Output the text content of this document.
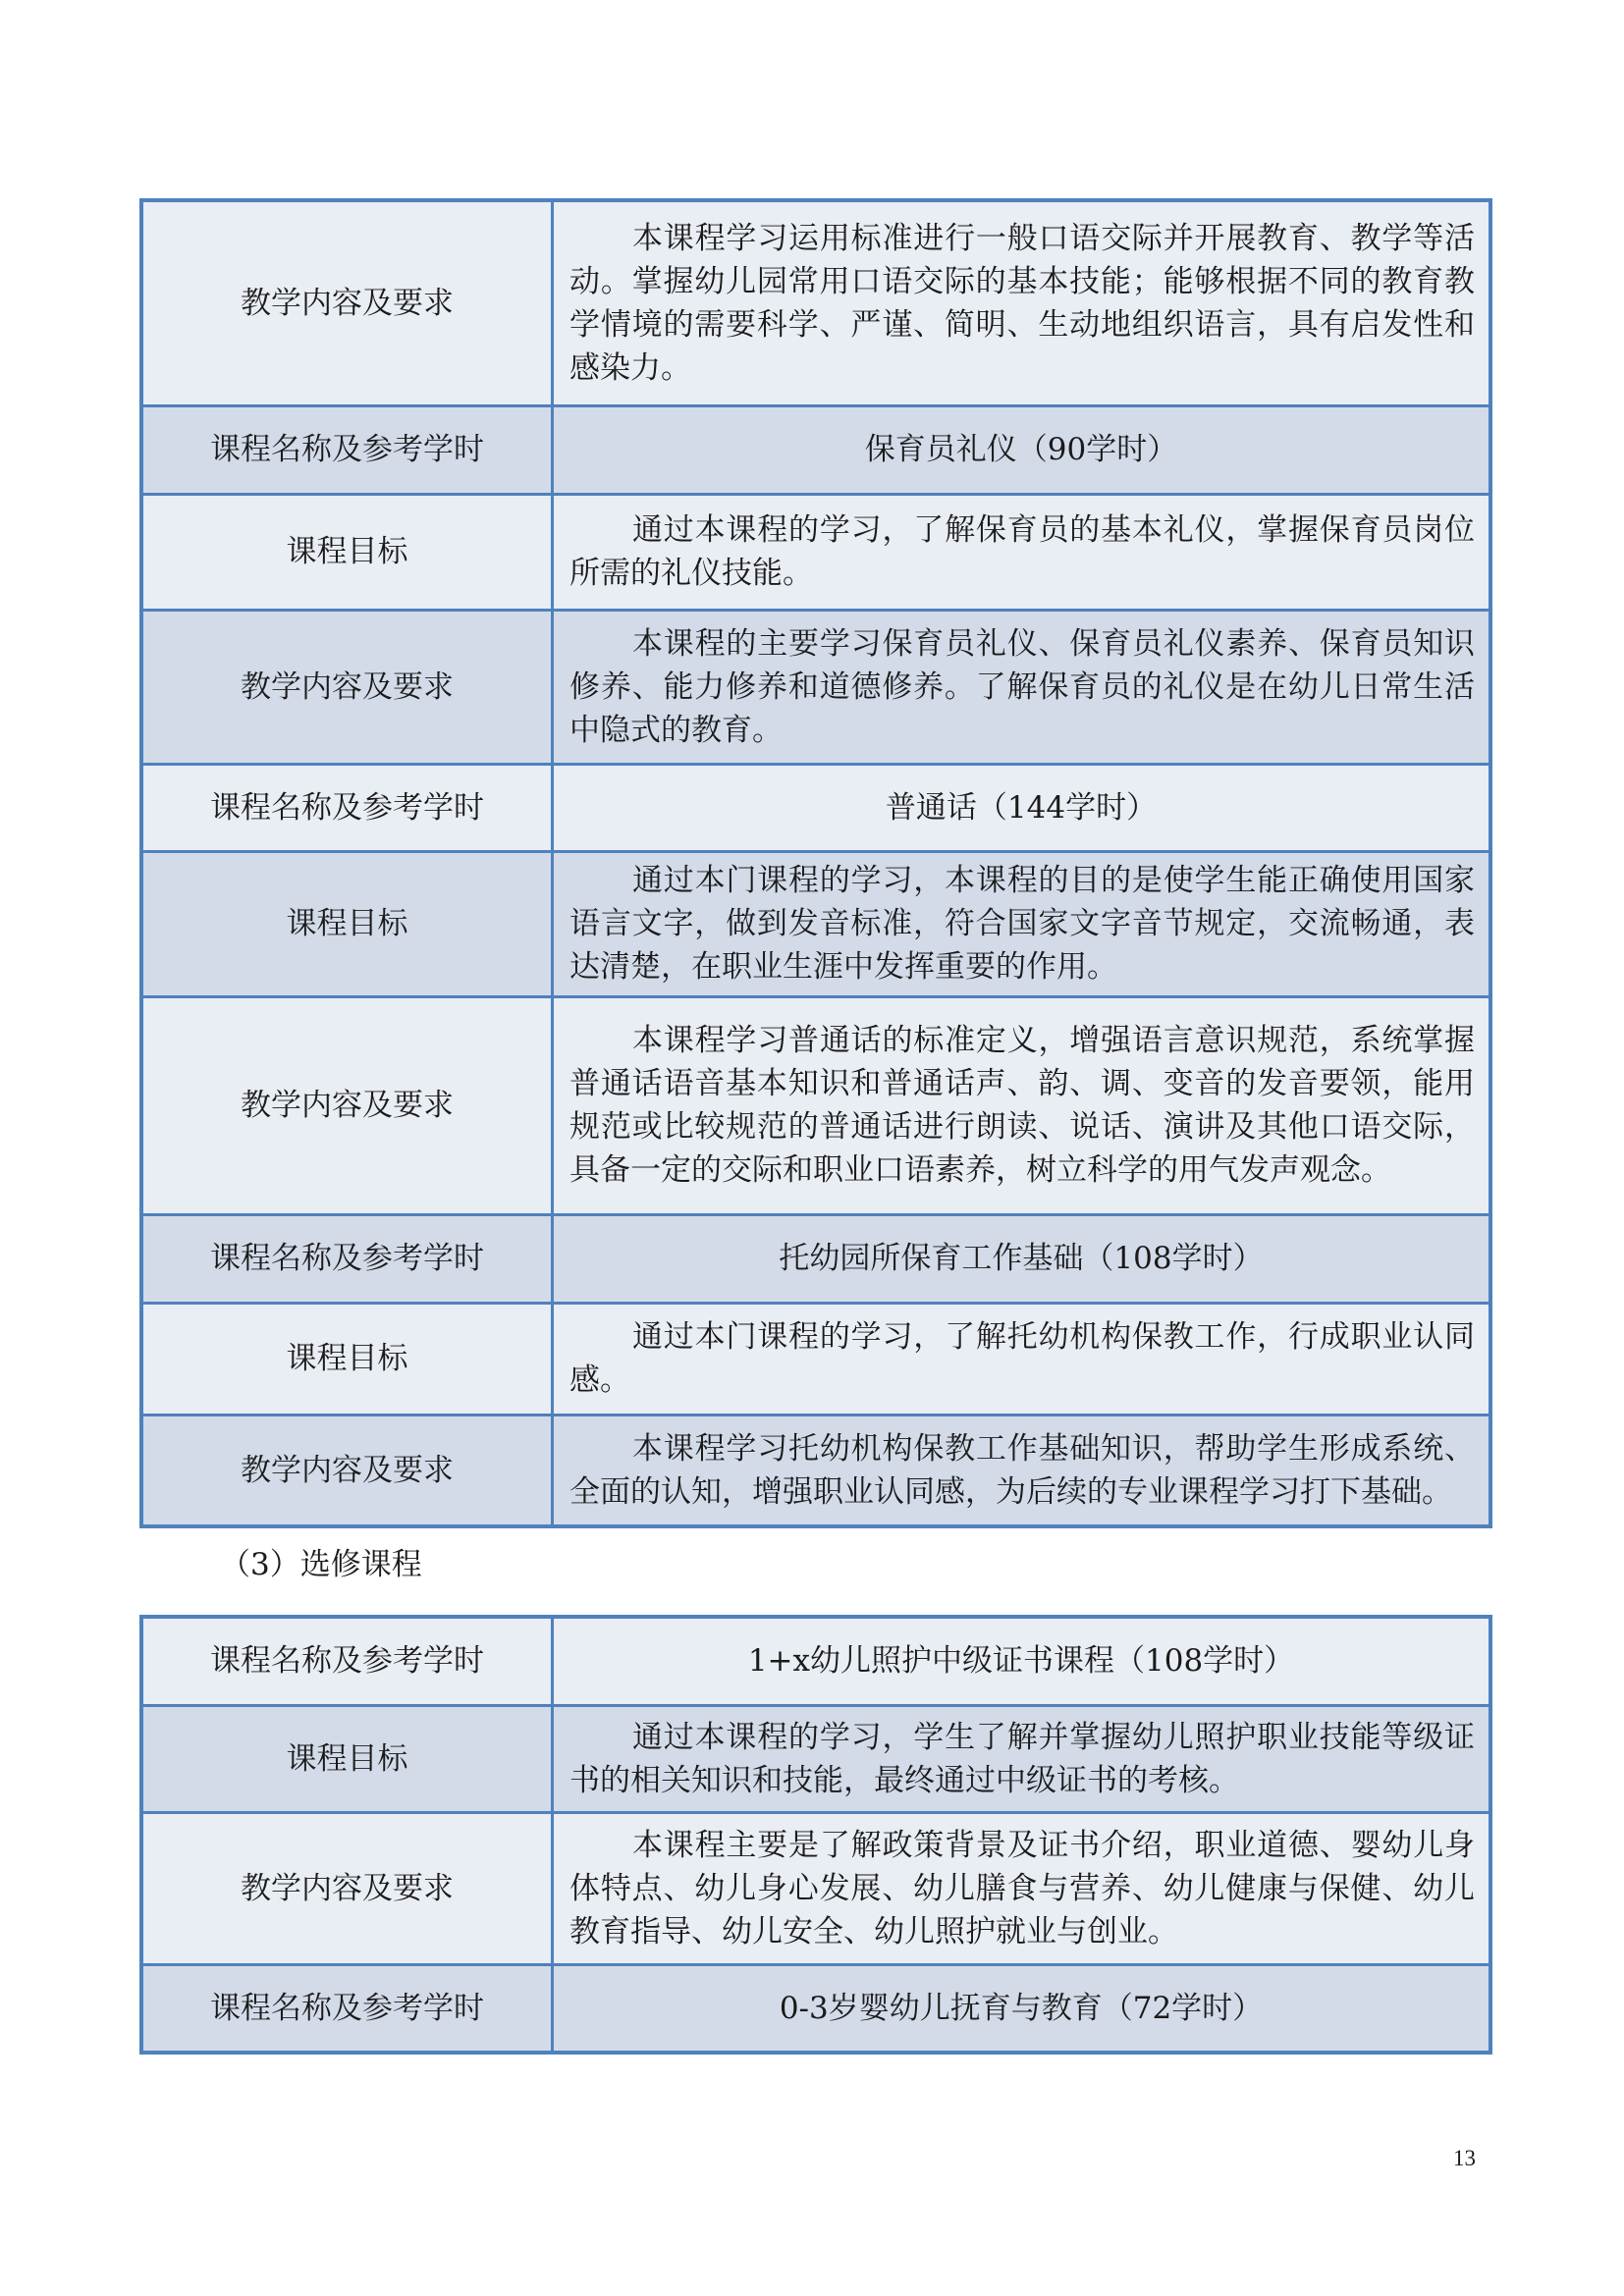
教学内容及要求	本课程学习运用标准进行一般口语交际并开展教育、教学等活动。掌握幼儿园常用口语交际的基本技能；能够根据不同的教育教学情境的需要科学、严谨、简明、生动地组织语言，具有启发性和感染力。

课程名称及参考学时	保育员礼仪（90学时）
课程目标	通过本课程的学习，了解保育员的基本礼仪，掌握保育员岗位所需的礼仪技能。

教学内容及要求	本课程的主要学习保育员礼仪、保育员礼仪素养、保育员知识修养、能力修养和道德修养。了解保育员的礼仪是在幼儿日常生活中隐式的教育。

课程名称及参考学时	普通话（144学时）
课程目标	通过本门课程的学习，本课程的目的是使学生能正确使用国家语言文字，做到发音标准，符合国家文字音节规定，交流畅通，表达清楚，在职业生涯中发挥重要的作用。

教学内容及要求	本课程学习普通话的标准定义，增强语言意识规范，系统掌握普通话语音基本知识和普通话声、韵、调、变音的发音要领，能用规范或比较规范的普通话进行朗读、说话、演讲及其他口语交际，具备一定的交际和职业口语素养，树立科学的用气发声观念。

课程名称及参考学时	托幼园所保育工作基础（108学时）
课程目标	通过本门课程的学习，了解托幼机构保教工作，行成职业认同感。

教学内容及要求	本课程学习托幼机构保教工作基础知识，帮助学生形成系统、全面的认知，增强职业认同感，为后续的专业课程学习打下基础。
（3）选修课程
课程名称及参考学时	1+x幼儿照护中级证书课程（108学时）
课程目标	通过本课程的学习，学生了解并掌握幼儿照护职业技能等级证书的相关知识和技能，最终通过中级证书的考核。

教学内容及要求	本课程主要是了解政策背景及证书介绍，职业道德、婴幼儿身体特点、幼儿身心发展、幼儿膳食与营养、幼儿健康与保健、幼儿教育指导、幼儿安全、幼儿照护就业与创业。

课程名称及参考学时	0-3岁婴幼儿抚育与教育（72学时）
13
